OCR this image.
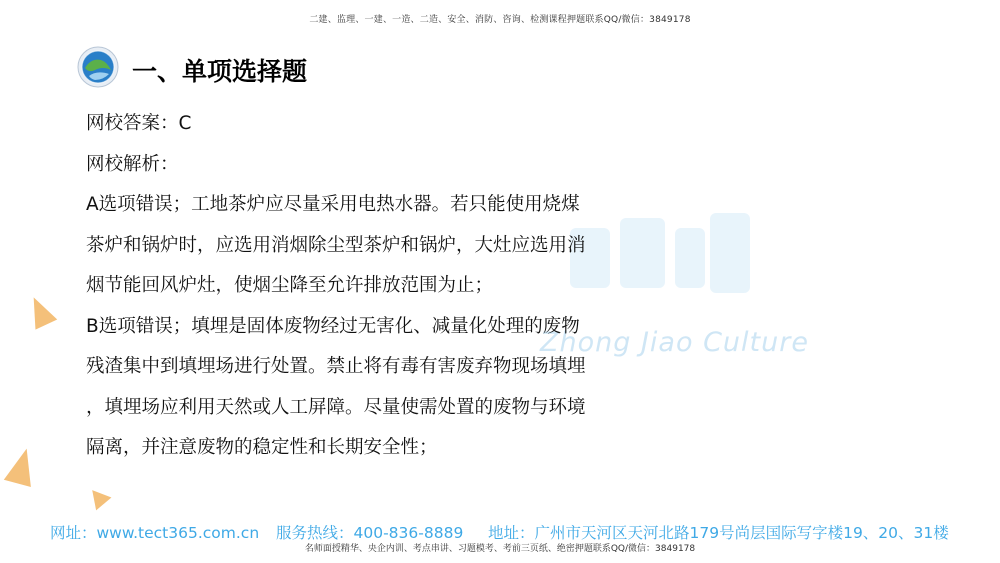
二建、监理、一建、一造、二造、安全、消防、咨询、检测课程押题联系QQ/微信：3849178
一、单项选择题
Zhong Jiao Culture
网校答案：C
网校解析：
A选项错误；工地茶炉应尽量采用电热水器。若只能使用烧煤
茶炉和锅炉时，应选用消烟除尘型茶炉和锅炉，大灶应选用消
烟节能回风炉灶，使烟尘降至允许排放范围为止；
B选项错误；填埋是固体废物经过无害化、减量化处理的废物
残渣集中到填埋场进行处置。禁止将有毒有害废弃物现场填埋
，填埋场应利用天然或人工屏障。尽量使需处置的废物与环境
隔离，并注意废物的稳定性和长期安全性；
网址：www.tect365.com.cn 服务热线：400-836-8889 地址：广州市天河区天河北路179号尚层国际写字楼19、20、31楼
名师面授精华、央企内训、考点串讲、习题模考、考前三页纸、绝密押题联系QQ/微信：3849178
